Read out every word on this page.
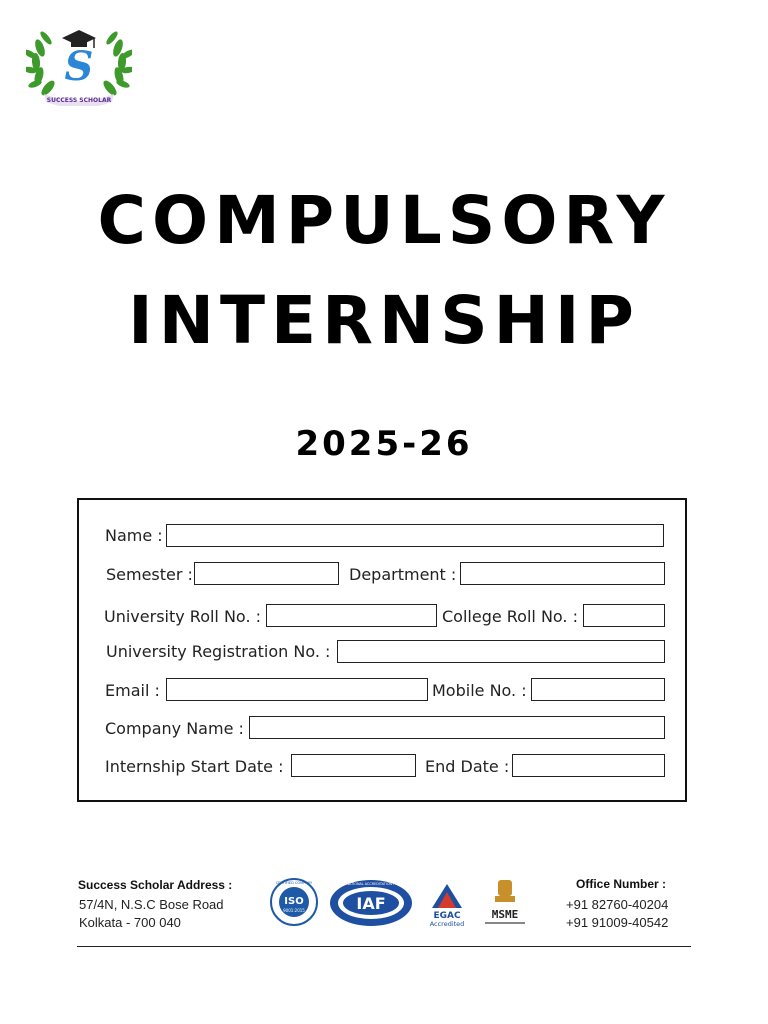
S
SUCCESS SCHOLAR
COMPULSORY
INTERNSHIP
2025-26
Name :
Semester :	Department :
University Roll No. :	College Roll No. :
University Registration No. :
Email :	Mobile No. :
Company Name :
Internship Start Date :	End Date :
Success Scholar Address :
57/4N, N.S.C Bose Road
Kolkata - 700 040
ISO
9001:2015
CERTIFIED COMPANY
IAF
INTERNATIONAL ACCREDITATION FORUM
EGAC
Accredited
MSME
Office Number :
+91 82760-40204
+91 91009-40542
